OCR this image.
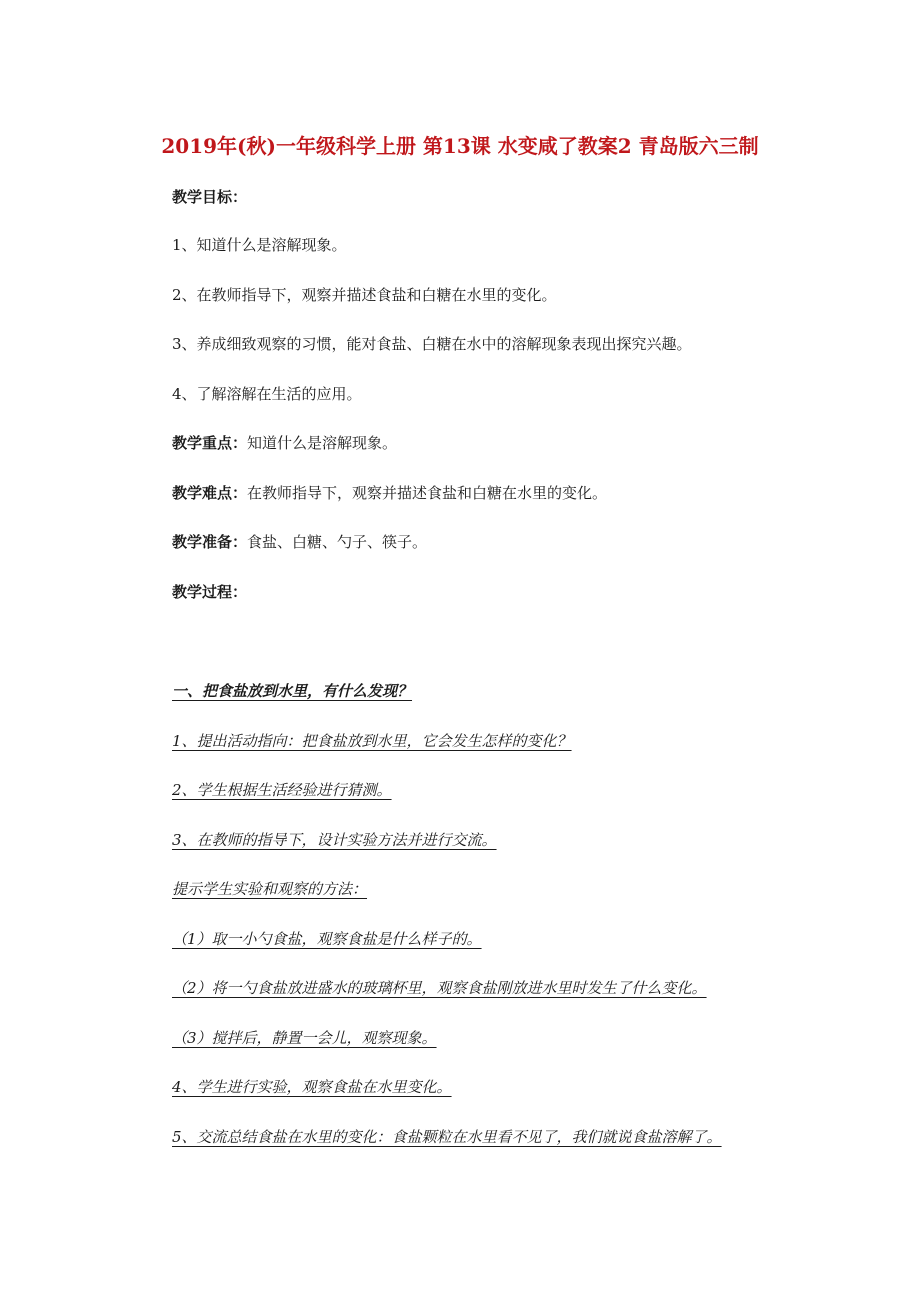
2019年(秋)一年级科学上册 第13课 水变咸了教案2 青岛版六三制
教学目标：
1、知道什么是溶解现象。
2、在教师指导下，观察并描述食盐和白糖在水里的变化。
3、养成细致观察的习惯，能对食盐、白糖在水中的溶解现象表现出探究兴趣。
4、了解溶解在生活的应用。
教学重点：知道什么是溶解现象。
教学难点：在教师指导下，观察并描述食盐和白糖在水里的变化。
教学准备：食盐、白糖、勺子、筷子。
教学过程：
一、把食盐放到水里，有什么发现？
1、提出活动指向：把食盐放到水里，它会发生怎样的变化？
2、学生根据生活经验进行猜测。
3、在教师的指导下，设计实验方法并进行交流。
提示学生实验和观察的方法：
（1）取一小勺食盐，观察食盐是什么样子的。
（2）将一勺食盐放进盛水的玻璃杯里，观察食盐刚放进水里时发生了什么变化。
（3）搅拌后，静置一会儿，观察现象。
4、学生进行实验，观察食盐在水里变化。
5、交流总结食盐在水里的变化：食盐颗粒在水里看不见了，我们就说食盐溶解了。
